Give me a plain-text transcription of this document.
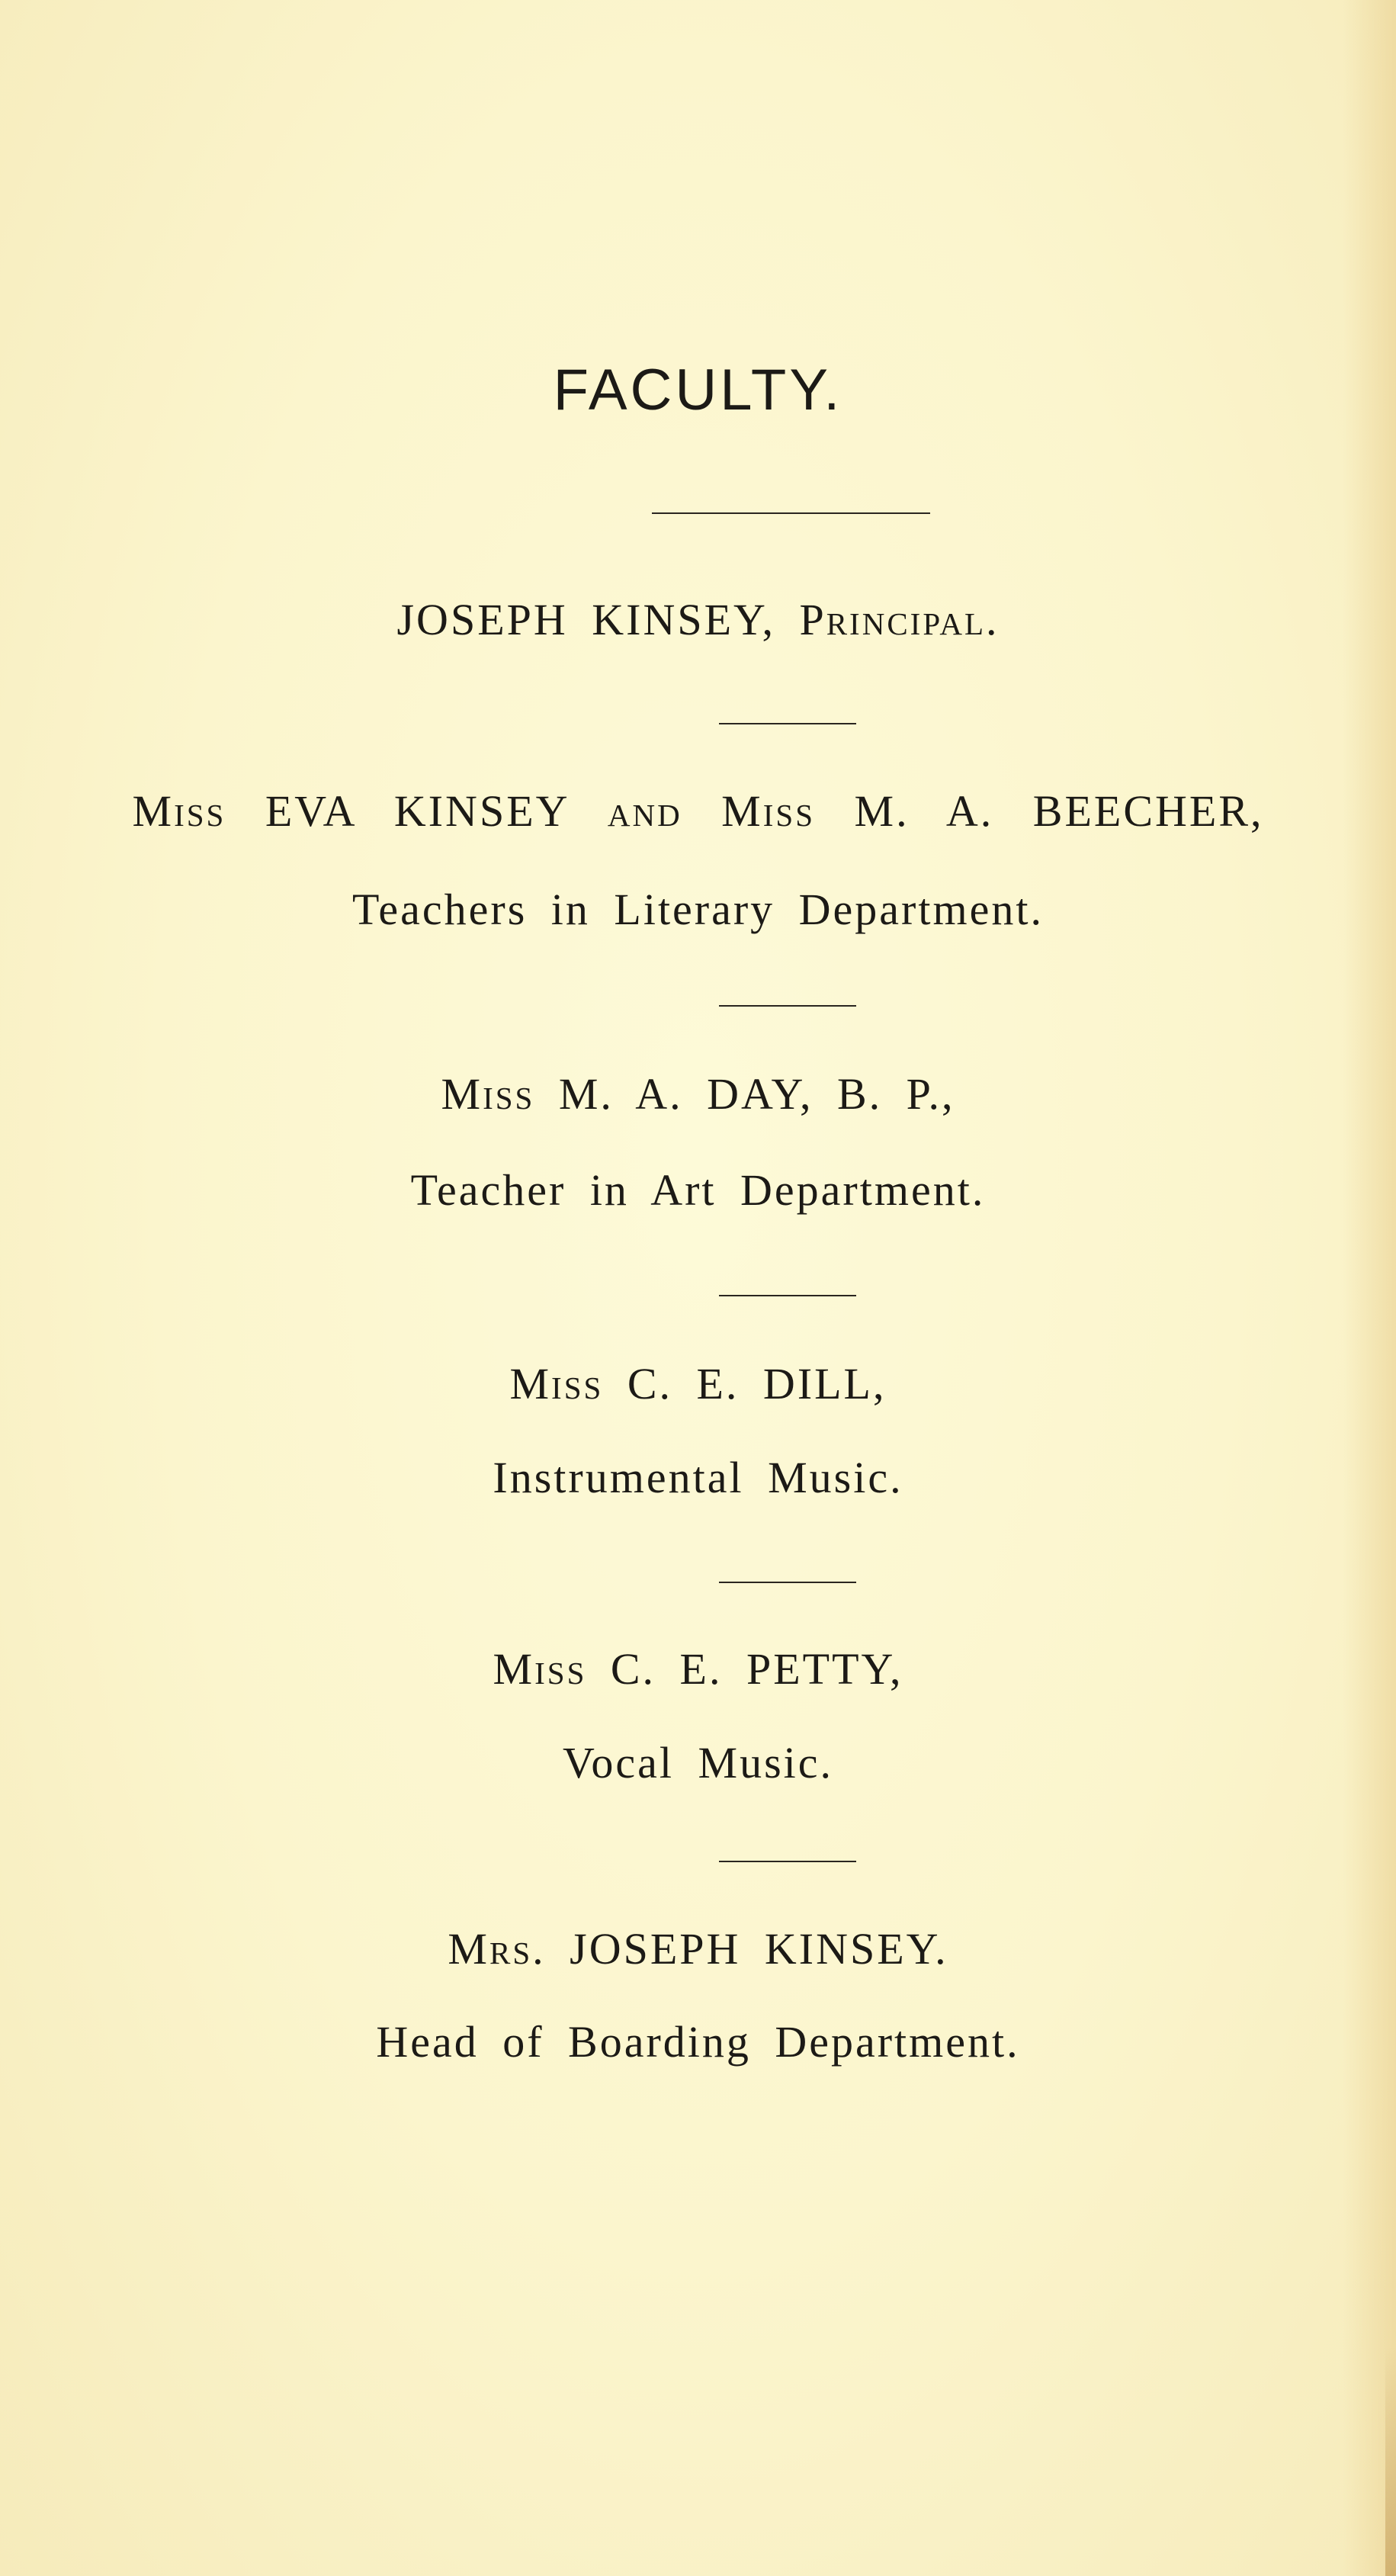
FACULTY.
JOSEPH KINSEY, Principal.
Miss EVA KINSEY and Miss M. A. BEECHER,
Teachers in Literary Department.
Miss M. A. DAY, B. P.,
Teacher in Art Department.
Miss C. E. DILL,
Instrumental Music.
Miss C. E. PETTY,
Vocal Music.
Mrs. JOSEPH KINSEY.
Head of Boarding Department.
